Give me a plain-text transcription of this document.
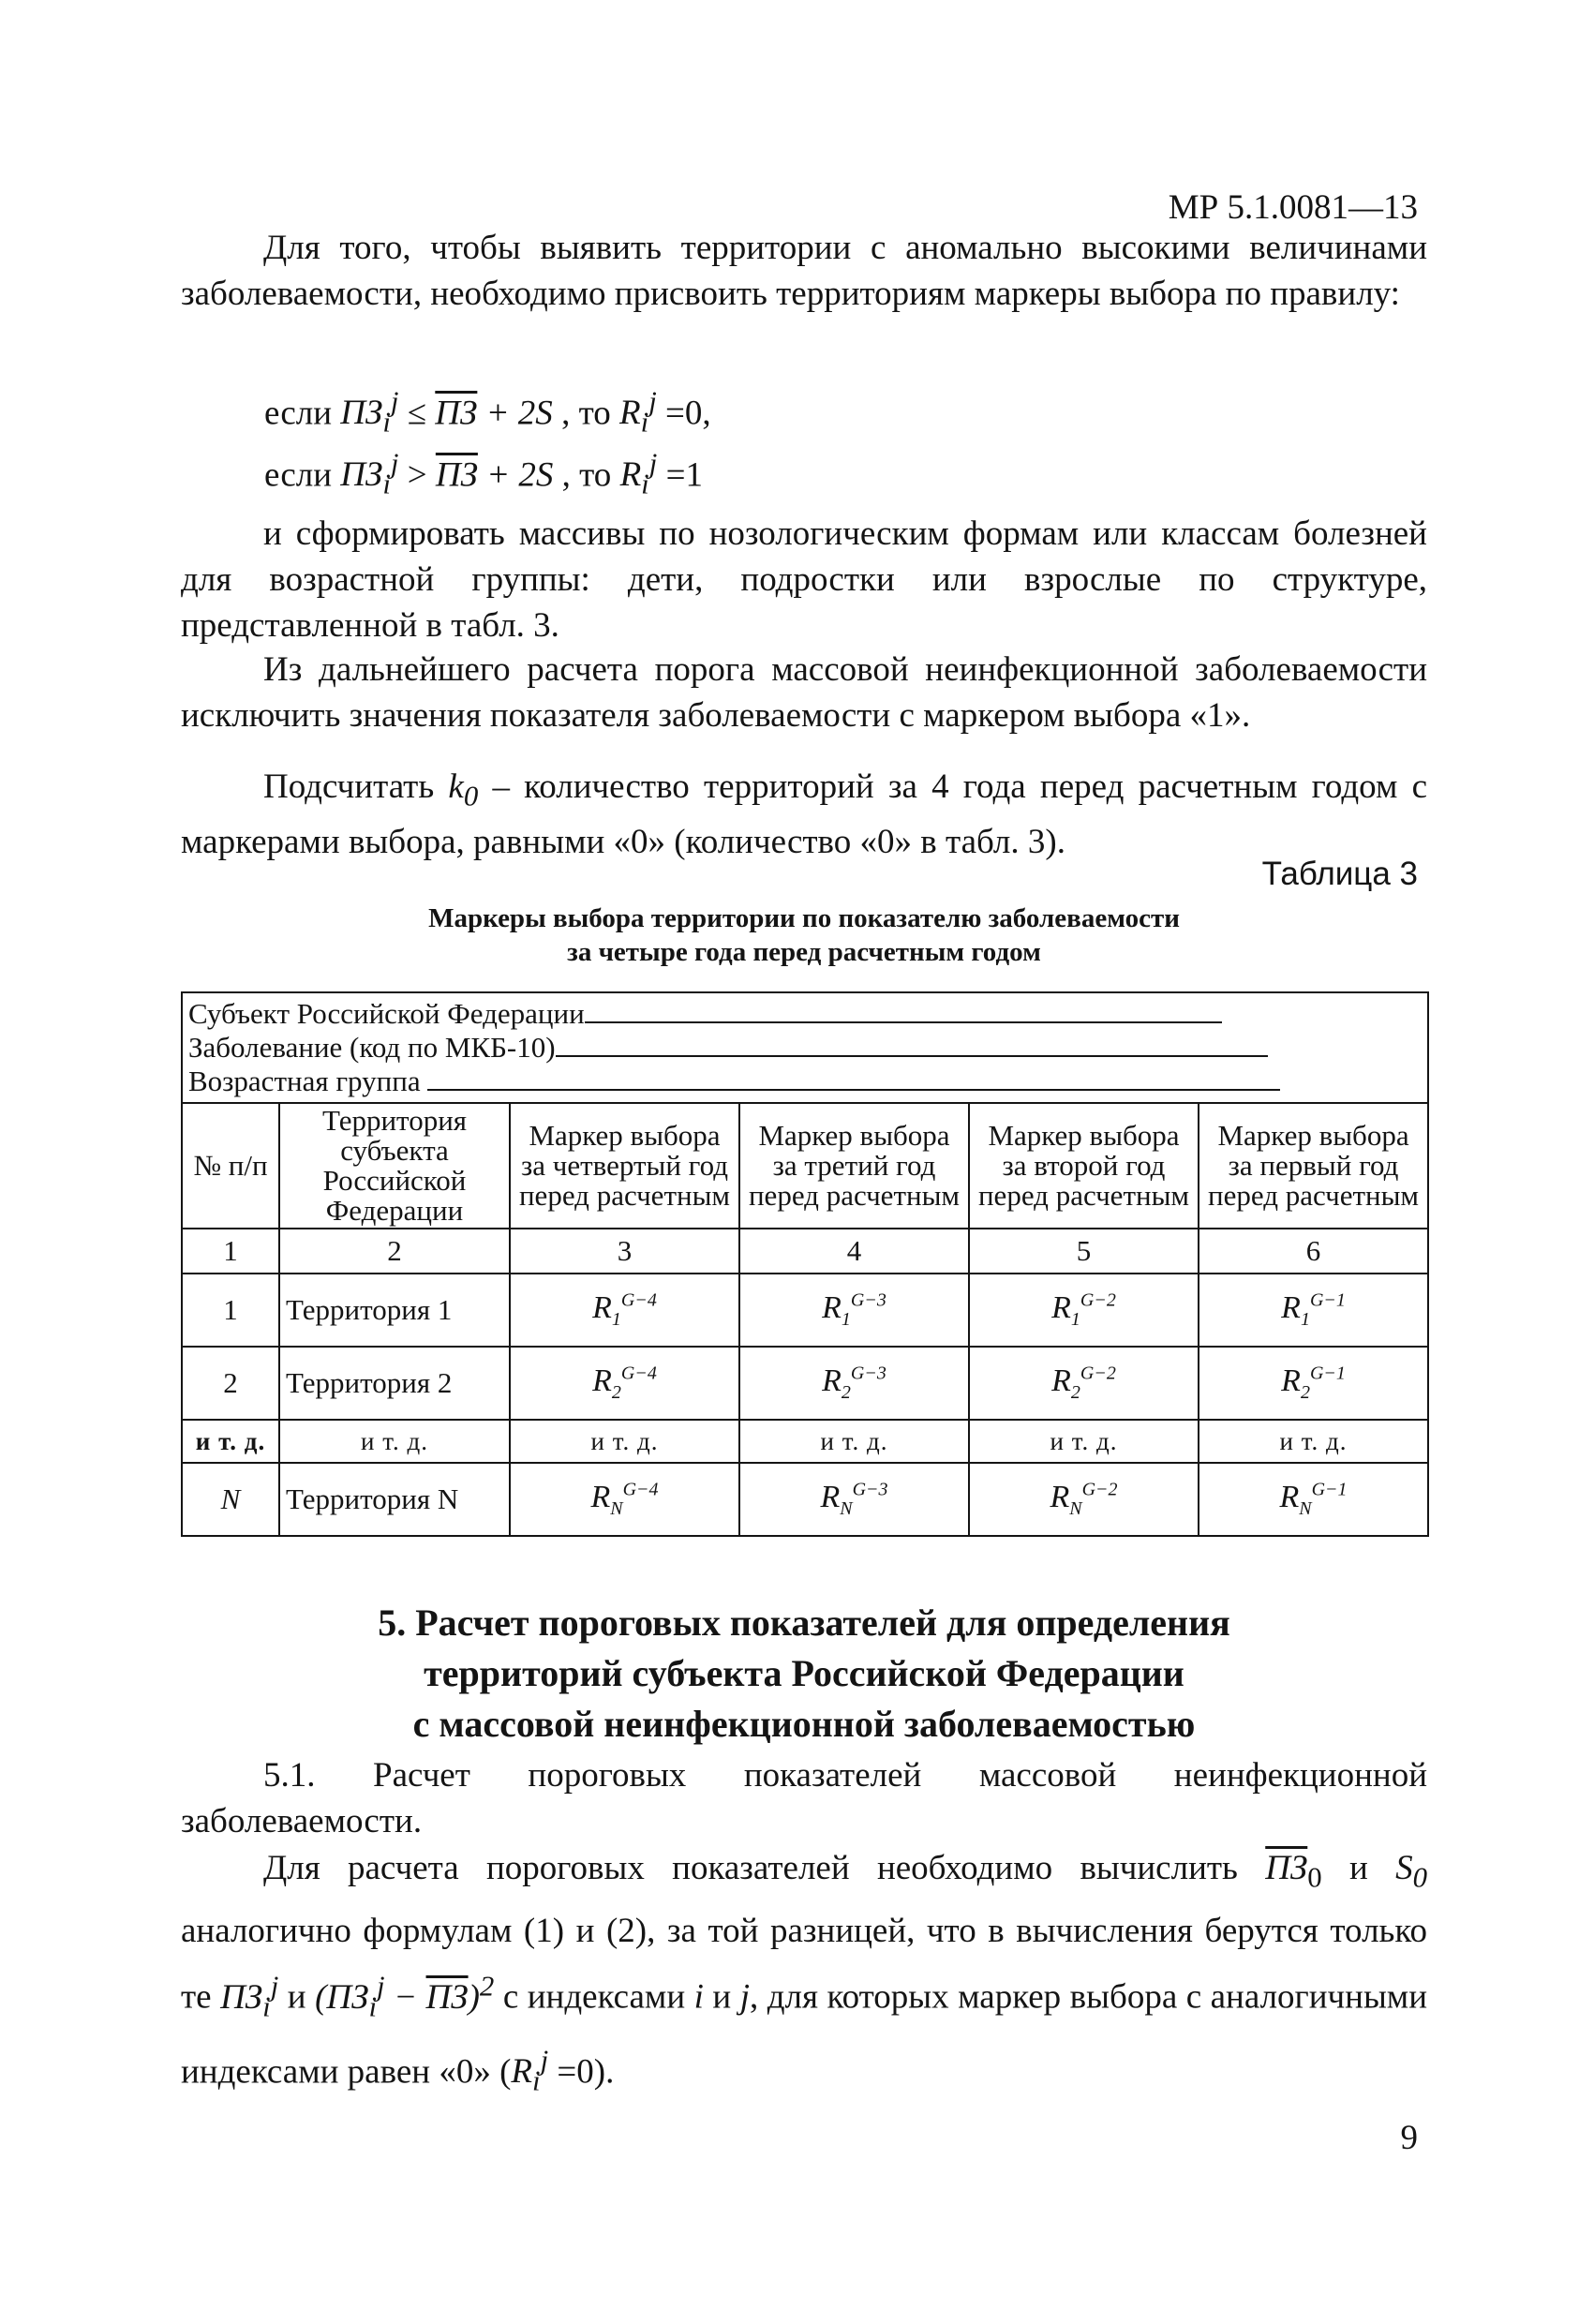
МР 5.1.0081—13

Для того, чтобы выявить территории с аномально высокими величинами заболеваемости, необходимо присвоить территориям маркеры выбора по правилу:

если $ПЗ_i^j$ ≤ ПЗ + 2S , то $R_i^j =0$,
если $ПЗ_i^j$ > ПЗ + 2S , то $R_i^j =1$

и сформировать массивы по нозологическим формам или классам болезней для возрастной группы: дети, подростки или взрослые по структуре, представленной в табл. 3.

Из дальнейшего расчета порога массовой неинфекционной заболеваемости исключить значения показателя заболеваемости с маркером выбора «1».

Подсчитать $k_0$ – количество территорий за 4 года перед расчетным годом с маркерами выбора, равными «0» (количество «0» в табл. 3).

Таблица 3
Маркеры выбора территории по показателю заболеваемости
за четыре года перед расчетным годом
Субъект Российской Федерации
Заболевание (код по МКБ-10)
Возрастная группа					

№ п/п	Территория субъекта Российской Федерации	Маркер выбора за четвертый год перед расчетным	Маркер выбора за третий год перед расчетным	Маркер выбора за второй год перед расчетным	Маркер выбора за первый год перед расчетным
1	2	3	4	5	6
1	Территория 1	$R_1^{G-4}$	$R_1^{G-3}$	$R_1^{G-2}$	$R_1^{G-1}$
2	Территория 2	$R_2^{G-4}$	$R_2^{G-3}$	$R_2^{G-2}$	$R_2^{G-1}$
и т. д.	и т. д.	и т. д.	и т. д.	и т. д.	и т. д.
N	Территория N	$R_N^{G-4}$	$R_N^{G-3}$	$R_N^{G-2}$	$R_N^{G-1}$
5. Расчет пороговых показателей для определения
территорий субъекта Российской Федерации
с массовой неинфекционной заболеваемостью

5.1. Расчет пороговых показателей массовой неинфекционной заболеваемости.

Для расчета пороговых показателей необходимо вычислить $ПЗ_0$ и $S_0$ аналогично формулам (1) и (2), за той разницей, что в вычисления берутся только те $ПЗ_i^j$ и $(ПЗ_i^j - ПЗ)^2$ с индексами i и j, для которых маркер выбора с аналогичными индексами равен «0» $(R_i^j =0)$.

9
